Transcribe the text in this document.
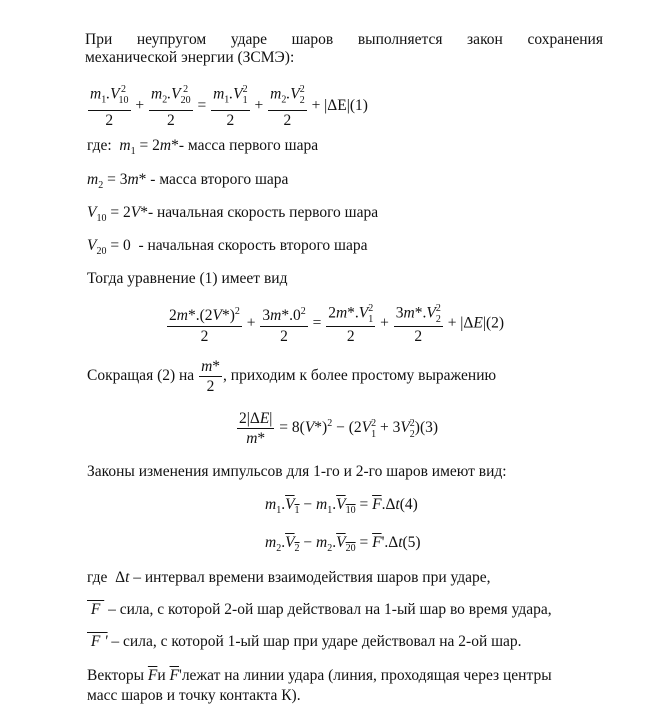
При неупругом ударе шаров выполняется закон сохранения
механической энергии (ЗСМЭ):
$m_1.V$ 2
10
$2 + m_2.V$ 2
20
$2 = m_1.V$ 2
1
$2 + m_2.V$ 2
2
2 + |ΔE|(1)
где:  $m_1 = 2m*-$ масса первого шара
$m_2 = 3m*$ - масса второго шара
$V_{10} = 2V*-$ начальная скорость первого шара
$V_{20} = 0$ - начальная скорость второго шара
Тогда уравнение (1) имеет вид
$\frac{2m*.(2V*)^2}{2} + \frac{3m*.0^2}{2} = 2m*.V$ 2
1
2 + 3m*.V 2
2
2 + |ΔE|(2)
Сокращая (2) на $\frac{m*}{2}$ , приходим к более простому выражению
$\frac{2|\Delta E|}{m*} = 8(V*)^2 - (2V$ 2
1 + 3V 2
2 )(3)
Законы изменения импульсов для 1-го и 2-го шаров имеют вид:
$m_1.V_1 - m_1.V_{10} = \overline{F}.\Delta t(4)$
$m_2.V_2 - m_2.V_{20} = \overline{F}'.\Delta t(5)$
где  Δt – интервал времени взаимодействия шаров при ударе,
F  – сила, с которой 2-ой шар действовал на 1-ый шар во время удара,
F ' – сила, с которой 1-ый шар при ударе действовал на 2-ой шар.
Векторы $\overline{F}и$ $\overline{F}'лежат$ на линии удара (линия, проходящая через центры
масс шаров и точку контакта К).
